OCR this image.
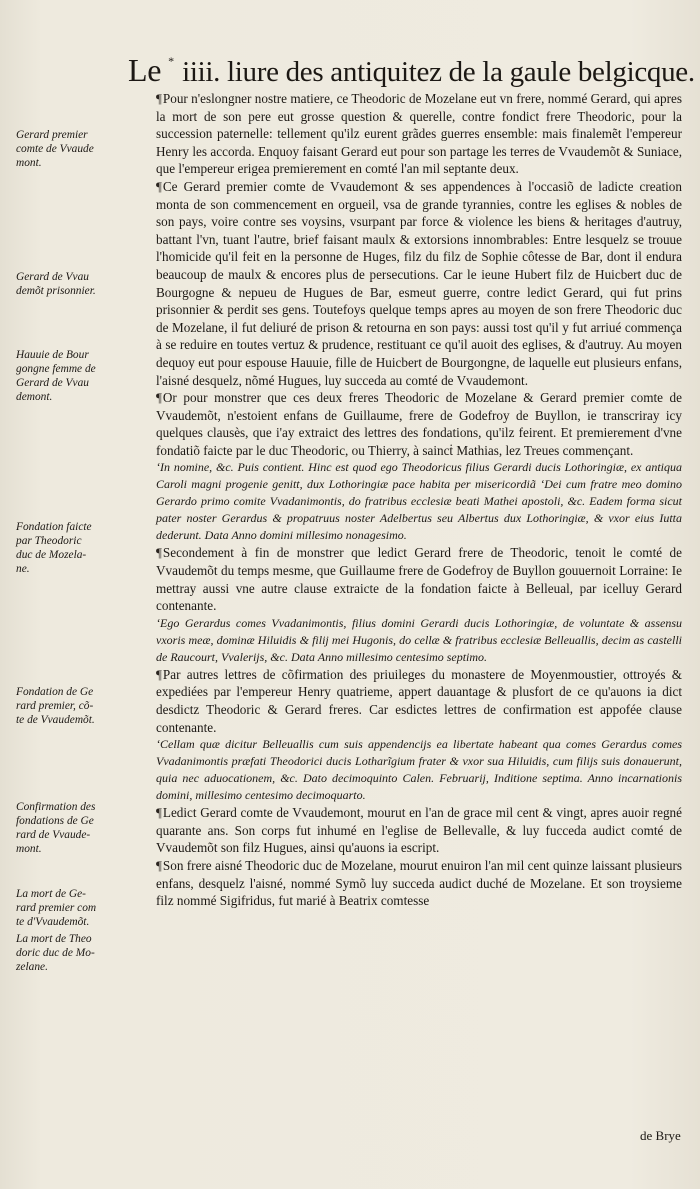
Le * iiii. liure des antiquitez de la gaule belgicque.
Gerard premier
comte de Vvaude
mont.
Gerard de Vvau
demõt prisonnier.
Hauuie de Bour
gongne femme de
Gerard de Vvau
demont.
Fondation faicte
par Theodoric
duc de Mozela-
ne.
Fondation de Ge
rard premier, cõ-
te de Vvaudemõt.
Confirmation des
fondations de Ge
rard de Vvaude-
mont.
La mort de Ge-
rard premier com
te d'Vvaudemõt.
La mort de Theo
doric duc de Mo-
zelane.

¶Pour n'eslongner nostre matiere, ce Theodoric de Mozelane eut vn frere, nommé Gerard, qui apres la mort de son pere eut grosse question & querelle, contre fondict frere Theodoric, pour la succession paternelle: tellement qu'ilz eurent grãdes guerres ensemble: mais finalemẽt l'empereur Henry les accorda. Enquoy faisant Gerard eut pour son partage les terres de Vvaudemõt & Suniace, que l'empereur erigea premierement en comté l'an mil septante deux.

¶Ce Gerard premier comte de Vvaudemont & ses appendences à l'occasiõ de ladicte creation monta de son commencement en orgueil, vsa de grande tyrannies, contre les eglises & nobles de son pays, voire contre ses voysins, vsurpant par force & violence les biens & heritages d'autruy, battant l'vn, tuant l'autre, brief faisant maulx & extorsions innombrables: Entre lesquelz se trouue l'homicide qu'il feit en la personne de Huges, filz du filz de Sophie côtesse de Bar, dont il endura beaucoup de maulx & encores plus de persecutions. Car le ieune Hubert filz de Huicbert duc de Bourgogne & nepueu de Hugues de Bar, esmeut guerre, contre ledict Gerard, qui fut prins prisonnier & perdit ses gens. Toutefoys quelque temps apres au moyen de son frere Theodoric duc de Mozelane, il fut deliuré de prison & retourna en son pays: aussi tost qu'il y fut arriué commença à se reduire en toutes vertuz & prudence, restituant ce qu'il auoit des eglises, & d'autruy. Au moyen dequoy eut pour espouse Hauuie, fille de Huicbert de Bourgongne, de laquelle eut plusieurs enfans, l'aisné desquelz, nõmé Hugues, luy succeda au comté de Vvaudemont.

¶Or pour monstrer que ces deux freres Theodoric de Mozelane & Gerard premier comte de Vvaudemõt, n'estoient enfans de Guillaume, frere de Godefroy de Buyllon, ie transcriray icy quelques clausès, que i'ay extraict des lettres des fondations, qu'ilz feirent. Et premierement d'vne fondatiõ faicte par le duc Theodoric, ou Thierry, à saincṫ Mathias, lez Treues commençant.

‘In nomine, &c. Puis contient. Hinc est quod ego Theodoricus filius Gerardi ducis Lothoringiæ, ex antiqua Caroli magni progenie genitt, dux Lothoringiæ pace habita per misericordiã ‘Dei cum fratre meo domino Gerardo primo comite Vvadanimontis, do fratribus ecclesiæ beati Mathei apostoli, &c. Eadem forma sicut pater noster Gerardus & propatruus noster Adelbertus seu Albertus dux Lothoringiæ, & vxor eius Iutta dederunt. Data Anno domini millesimo nonagesimo.

¶Secondement à fin de monstrer que ledict Gerard frere de Theodoric, tenoit le comté de Vvaudemõt du temps mesme, que Guillaume frere de Godefroy de Buyllon gouuernoit Lorraine: Ie mettray aussi vne autre clause extraicte de la fondation faicte à Belleual, par icelluy Gerard contenante.

‘Ego Gerardus comes Vvadanimontis, filius domini Gerardi ducis Lothoringiæ, de voluntate & assensu vxoris meæ, dominæ Hiluidis & filij mei Hugonis, do cellæ & fratribus ecclesiæ Belleuallis, decim as castelli de Raucourt, Vvalerijs, &c. Data Anno millesimo centesimo septimo.

¶Par autres lettres de cõfirmation des priuileges du monastere de Moyenmoustier, ottroyés & expediées par l'empereur Henry quatrieme, appert dauantage & plusfort de ce qu'auons ia dict desdictz Theodoric & Gerard freres. Car esdictes lettres de confirmation est appofée clause contenante.

‘Cellam quæ dicitur Belleuallis cum suis appendencijs ea libertate habeant qua comes Gerardus comes Vvadanimontis præfati Theodorici ducis Lotharĩgium frater & vxor sua Hiluidis, cum filijs suis donauerunt, quia nec aduocationem, &c. Dato decimoquinto Calen. Februarij, Inditione septima. Anno incarnationis domini, millesimo centesimo decimoquarto.

¶Ledict Gerard comte de Vvaudemont, mourut en l'an de grace mil cent & vingt, apres auoir regné quarante ans. Son corps fut inhumé en l'eglise de Bellevalle, & luy fucceda audict comté de Vvaudemõt son filz Hugues, ainsi qu'auons ia escript.

¶Son frere aisné Theodoric duc de Mozelane, mourut enuiron l'an mil cent quinze laissant plusieurs enfans, desquelz l'aisné, nommé Symõ luy succeda audict duché de Mozelane. Et son troysieme filz nommé Sigifridus, fut marié à Beatrix comtesse

de Brye
